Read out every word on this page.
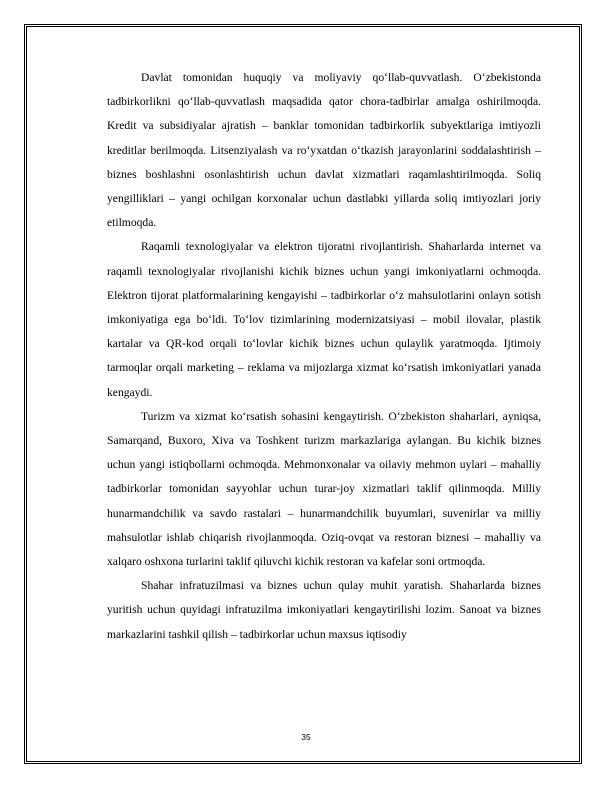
Davlat tomonidan huquqiy va moliyaviy qo‘llab-quvvatlash. O‘zbekistonda tadbirkorlikni qo‘llab-quvvatlash maqsadida qator chora-tadbirlar amalga oshirilmoqda. Kredit va subsidiyalar ajratish – banklar tomonidan tadbirkorlik subyektlariga imtiyozli kreditlar berilmoqda. Litsenziyalash va ro‘yxatdan o‘tkazish jarayonlarini soddalashtirish – biznes boshlashni osonlashtirish uchun davlat xizmatlari raqamlashtirilmoqda. Soliq yengilliklari – yangi ochilgan korxonalar uchun dastlabki yillarda soliq imtiyozlari joriy etilmoqda.

Raqamli texnologiyalar va elektron tijoratni rivojlantirish. Shaharlarda internet va raqamli texnologiyalar rivojlanishi kichik biznes uchun yangi imkoniyatlarni ochmoqda. Elektron tijorat platformalarining kengayishi – tadbirkorlar o‘z mahsulotlarini onlayn sotish imkoniyatiga ega bo‘ldi. To‘lov tizimlarining modernizatsiyasi – mobil ilovalar, plastik kartalar va QR-kod orqali to‘lovlar kichik biznes uchun qulaylik yaratmoqda. Ijtimoiy tarmoqlar orqali marketing – reklama va mijozlarga xizmat ko‘rsatish imkoniyatlari yanada kengaydi.

Turizm va xizmat ko‘rsatish sohasini kengaytirish. O‘zbekiston shaharlari, ayniqsa, Samarqand, Buxoro, Xiva va Toshkent turizm markazlariga aylangan. Bu kichik biznes uchun yangi istiqbollarni ochmoqda. Mehmonxonalar va oilaviy mehmon uylari – mahalliy tadbirkorlar tomonidan sayyohlar uchun turar-joy xizmatlari taklif qilinmoqda. Milliy hunarmandchilik va savdo rastalari – hunarmandchilik buyumlari, suvenirlar va milliy mahsulotlar ishlab chiqarish rivojlanmoqda. Oziq-ovqat va restoran biznesi – mahalliy va xalqaro oshxona turlarini taklif qiluvchi kichik restoran va kafelar soni ortmoqda.

Shahar infratuzilmasi va biznes uchun qulay muhit yaratish. Shaharlarda biznes yuritish uchun quyidagi infratuzilma imkoniyatlari kengaytirilishi lozim. Sanoat va biznes markazlarini tashkil qilish – tadbirkorlar uchun maxsus iqtisodiy

35
